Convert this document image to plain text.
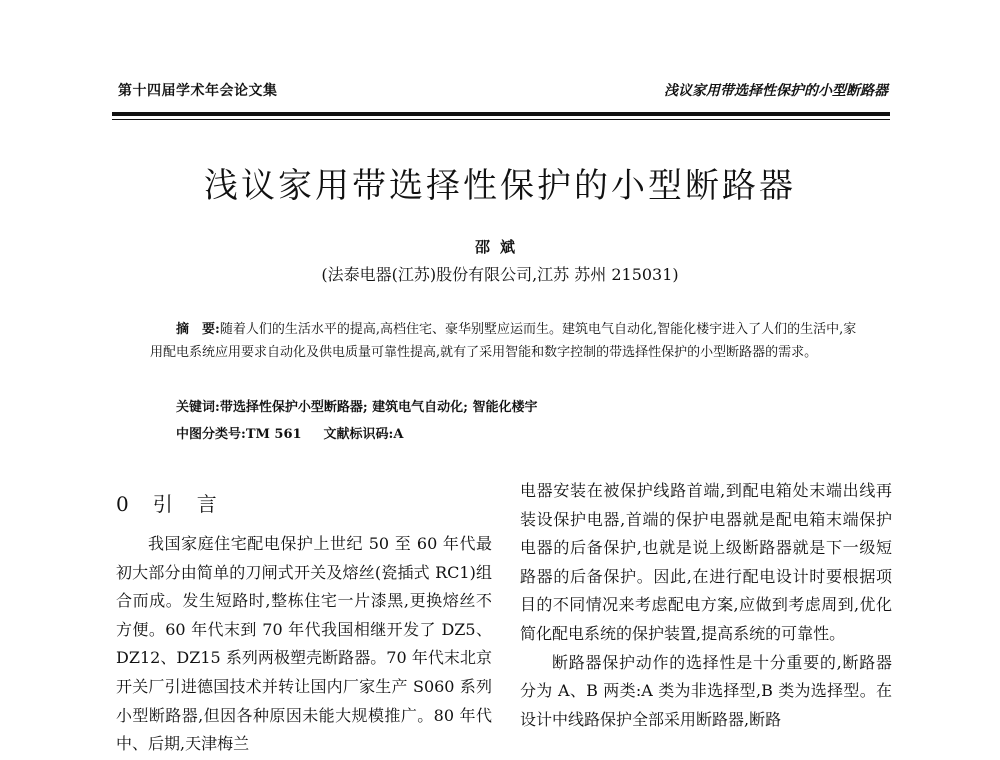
第十四届学术年会论文集	浅议家用带选择性保护的小型断路器
浅议家用带选择性保护的小型断路器
邵斌
(法泰电器(江苏)股份有限公司,江苏 苏州 215031)
摘　要:随着人们的生活水平的提高,高档住宅、豪华别墅应运而生。建筑电气自动化,智能化楼宇进入了人们的生活中,家用配电系统应用要求自动化及供电质量可靠性提高,就有了采用智能和数字控制的带选择性保护的小型断路器的需求。
关键词:带选择性保护小型断路器; 建筑电气自动化; 智能化楼宇
中图分类号:TM 561 文献标识码:A
0 引　言

我国家庭住宅配电保护上世纪 50 至 60 年代最初大部分由简单的刀闸式开关及熔丝(瓷插式 RC1)组合而成。发生短路时,整栋住宅一片漆黑,更换熔丝不方便。60 年代末到 70 年代我国相继开发了 DZ5、DZ12、DZ15 系列两极塑壳断路器。70 年代末北京开关厂引进德国技术并转让国内厂家生产 S060 系列小型断路器,但因各种原因未能大规模推广。80 年代中、后期,天津梅兰

电器安装在被保护线路首端,到配电箱处末端出线再装设保护电器,首端的保护电器就是配电箱末端保护电器的后备保护,也就是说上级断路器就是下一级短路器的后备保护。因此,在进行配电设计时要根据项目的不同情况来考虑配电方案,应做到考虑周到,优化简化配电系统的保护装置,提高系统的可靠性。

断路器保护动作的选择性是十分重要的,断路器分为 A、B 两类:A 类为非选择型,B 类为选择型。在设计中线路保护全部采用断路器,断路
